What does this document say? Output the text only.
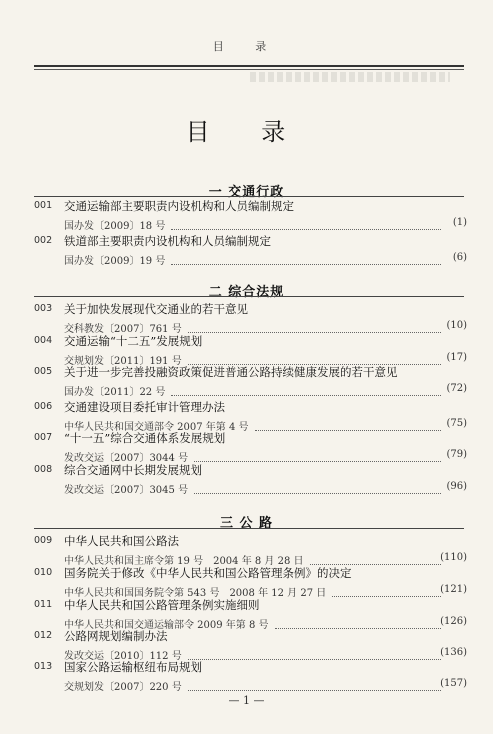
目 录
目 录
一 交通行政
001 交通运输部主要职责内设机构和人员编制规定
国办发〔2009〕18 号	(1)
002 铁道部主要职责内设机构和人员编制规定
国办发〔2009〕19 号	(6)
二 综合法规
003 关于加快发展现代交通业的若干意见
交科教发〔2007〕761 号	(10)
004 交通运输“十二五”发展规划
交规划发〔2011〕191 号	(17)
005 关于进一步完善投融资政策促进普通公路持续健康发展的若干意见
国办发〔2011〕22 号	(72)
006 交通建设项目委托审计管理办法
中华人民共和国交通部令 2007 年第 4 号	(75)
007 “十一五”综合交通体系发展规划
发改交运〔2007〕3044 号	(79)
008 综合交通网中长期发展规划
发改交运〔2007〕3045 号	(96)
三 公 路
009 中华人民共和国公路法
中华人民共和国主席令第 19 号　2004 年 8 月 28 日	(110)
010 国务院关于修改《中华人民共和国公路管理条例》的决定
中华人民共和国国务院令第 543 号　2008 年 12 月 27 日	(121)
011 中华人民共和国公路管理条例实施细则
中华人民共和国交通运输部令 2009 年第 8 号	(126)
012 公路网规划编制办法
发改交运〔2010〕112 号	(136)
013 国家公路运输枢纽布局规划
交规划发〔2007〕220 号	(157)
— 1 —
